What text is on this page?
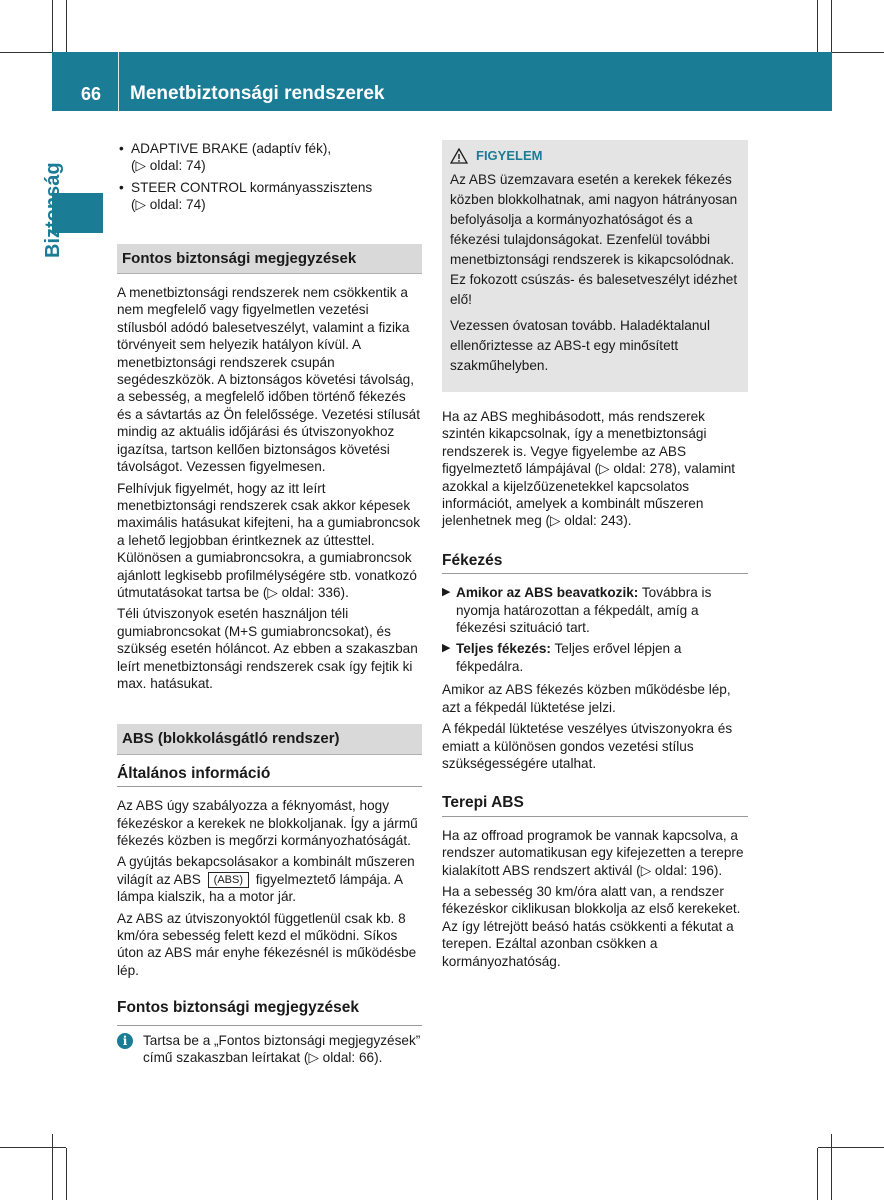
66	Menetbiztonsági rendszerek
Biztonság
• ADAPTIVE BRAKE (adaptív fék),
(▷ oldal: 74)
• STEER CONTROL kormányasszisztens
(▷ oldal: 74)
Fontos biztonsági megjegyzések

A menetbiztonsági rendszerek nem csökkentik a nem megfelelő vagy figyelmetlen vezetési stílusból adódó balesetveszélyt, valamint a fizika törvényeit sem helyezik hatályon kívül. A menetbiztonsági rendszerek csupán segédeszközök. A biztonságos követési távolság, a sebesség, a megfelelő időben történő fékezés és a sávtartás az Ön felelőssége. Vezetési stílusát mindig az aktuális időjárási és útviszonyokhoz igazítsa, tartson kellően biztonságos követési távolságot. Vezessen figyelmesen.

Felhívjuk figyelmét, hogy az itt leírt menetbiztonsági rendszerek csak akkor képesek maximális hatásukat kifejteni, ha a gumiabroncsok a lehető legjobban érintkeznek az úttesttel. Különösen a gumiabroncsokra, a gumiabroncsok ajánlott legkisebb profilmélységére stb. vonatkozó útmutatásokat tartsa be (▷ oldal: 336).

Téli útviszonyok esetén használjon téli gumiabroncsokat (M+S gumiabroncsokat), és szükség esetén hóláncot. Az ebben a szakaszban leírt menetbiztonsági rendszerek csak így fejtik ki max. hatásukat.

ABS (blokkolásgátló rendszer)
Általános információ

Az ABS úgy szabályozza a féknyomást, hogy fékezéskor a kerekek ne blokkoljanak. Így a jármű fékezés közben is megőrzi kormányozhatóságát.

A gyújtás bekapcsolásakor a kombinált műszeren világít az ABS (ABS) figyelmeztető lámpája. A lámpa kialszik, ha a motor jár.

Az ABS az útviszonyoktól függetlenül csak kb. 8 km/óra sebesség felett kezd el működni. Síkos úton az ABS már enyhe fékezésnél is működésbe lép.

Fontos biztonsági megjegyzések
i	Tartsa be a „Fontos biztonsági megjegyzések” című szakaszban leírtakat (▷ oldal: 66).
FIGYELEM

Az ABS üzemzavara esetén a kerekek fékezés közben blokkolhatnak, ami nagyon hátrányosan befolyásolja a kormányozhatóságot és a fékezési tulajdonságokat. Ezenfelül további menetbiztonsági rendszerek is kikapcsolódnak. Ez fokozott csúszás- és balesetveszélyt idézhet elő!

Vezessen óvatosan tovább. Haladéktalanul ellenőriztesse az ABS-t egy minősített szakműhelyben.

Ha az ABS meghibásodott, más rendszerek szintén kikapcsolnak, így a menetbiztonsági rendszerek is. Vegye figyelembe az ABS figyelmeztető lámpájával (▷ oldal: 278), valamint azokkal a kijelzőüzenetekkel kapcsolatos információt, amelyek a kombinált műszeren jelenhetnek meg (▷ oldal: 243).

Fékezés
▶ Amikor az ABS beavatkozik: Továbbra is nyomja határozottan a fékpedált, amíg a fékezési szituáció tart.
▶ Teljes fékezés: Teljes erővel lépjen a fékpedálra.

Amikor az ABS fékezés közben működésbe lép, azt a fékpedál lüktetése jelzi.

A fékpedál lüktetése veszélyes útviszonyokra és emiatt a különösen gondos vezetési stílus szükségességére utalhat.

Terepi ABS

Ha az offroad programok be vannak kapcsolva, a rendszer automatikusan egy kifejezetten a terepre kialakított ABS rendszert aktivál (▷ oldal: 196).

Ha a sebesség 30 km/óra alatt van, a rendszer fékezéskor ciklikusan blokkolja az első kerekeket. Az így létrejött beásó hatás csökkenti a fékutat a terepen. Ezáltal azonban csökken a kormányozhatóság.
